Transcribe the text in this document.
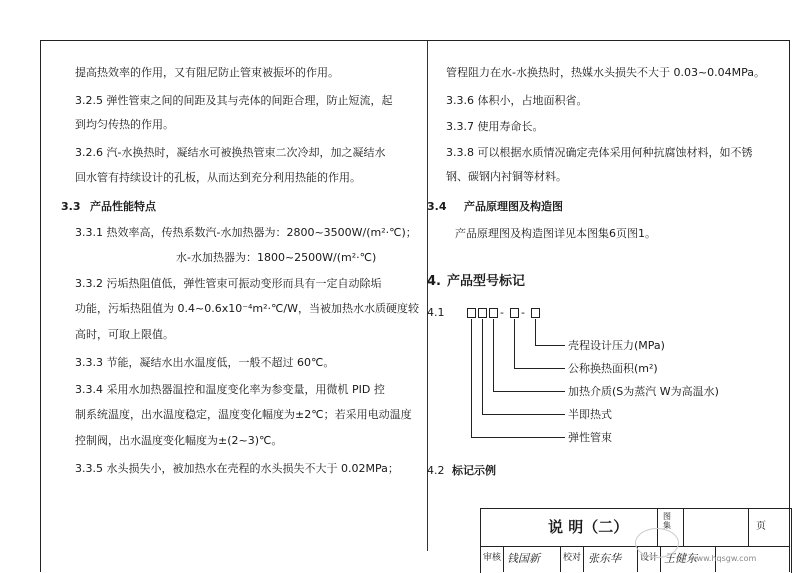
提高热效率的作用，又有阻尼防止管束被振坏的作用。
3.2.5 弹性管束之间的间距及其与壳体的间距合理，防止短流，起
到均匀传热的作用。
3.2.6 汽-水换热时，凝结水可被换热管束二次冷却，加之凝结水
回水管有持续设计的孔板，从而达到充分利用热能的作用。
3.3 产品性能特点
3.3.1 热效率高，传热系数汽-水加热器为：2800~3500W/(m²·℃)；
水-水加热器为：1800~2500W/(m²·℃)
3.3.2 污垢热阻值低，弹性管束可振动变形而具有一定自动除垢
功能，污垢热阻值为 0.4~0.6x10⁻⁴m²·℃/W，当被加热水水质硬度较
高时，可取上限值。
3.3.3 节能，凝结水出水温度低，一般不超过 60℃。
3.3.4 采用水加热器温控和温度变化率为参变量，用微机 PID 控
制系统温度，出水温度稳定，温度变化幅度为±2℃；若采用电动温度
控制阀，出水温度变化幅度为±(2~3)℃。
3.3.5 水头损失小，被加热水在壳程的水头损失不大于 0.02MPa；
管程阻力在水-水换热时，热媒水头损失不大于 0.03~0.04MPa。
3.3.6 体积小，占地面积省。
3.3.7 使用寿命长。
3.3.8 可以根据水质情况确定壳体采用何种抗腐蚀材料，如不锈
钢、碳钢内衬铜等材料。
3.4 产品原理图及构造图
产品原理图及构造图详见本图集6页图1。
4. 产品型号标记
4.1	- -
壳程设计压力(MPa)
公称换热面积(m²)
加热介质(S为蒸汽 W为高温水)
半即热式
弹性管束
4.2 标记示例
说 明（二）
图集	页
审核 钱国新	校对 张东华 设计 王健东
www.hqsgw.com
